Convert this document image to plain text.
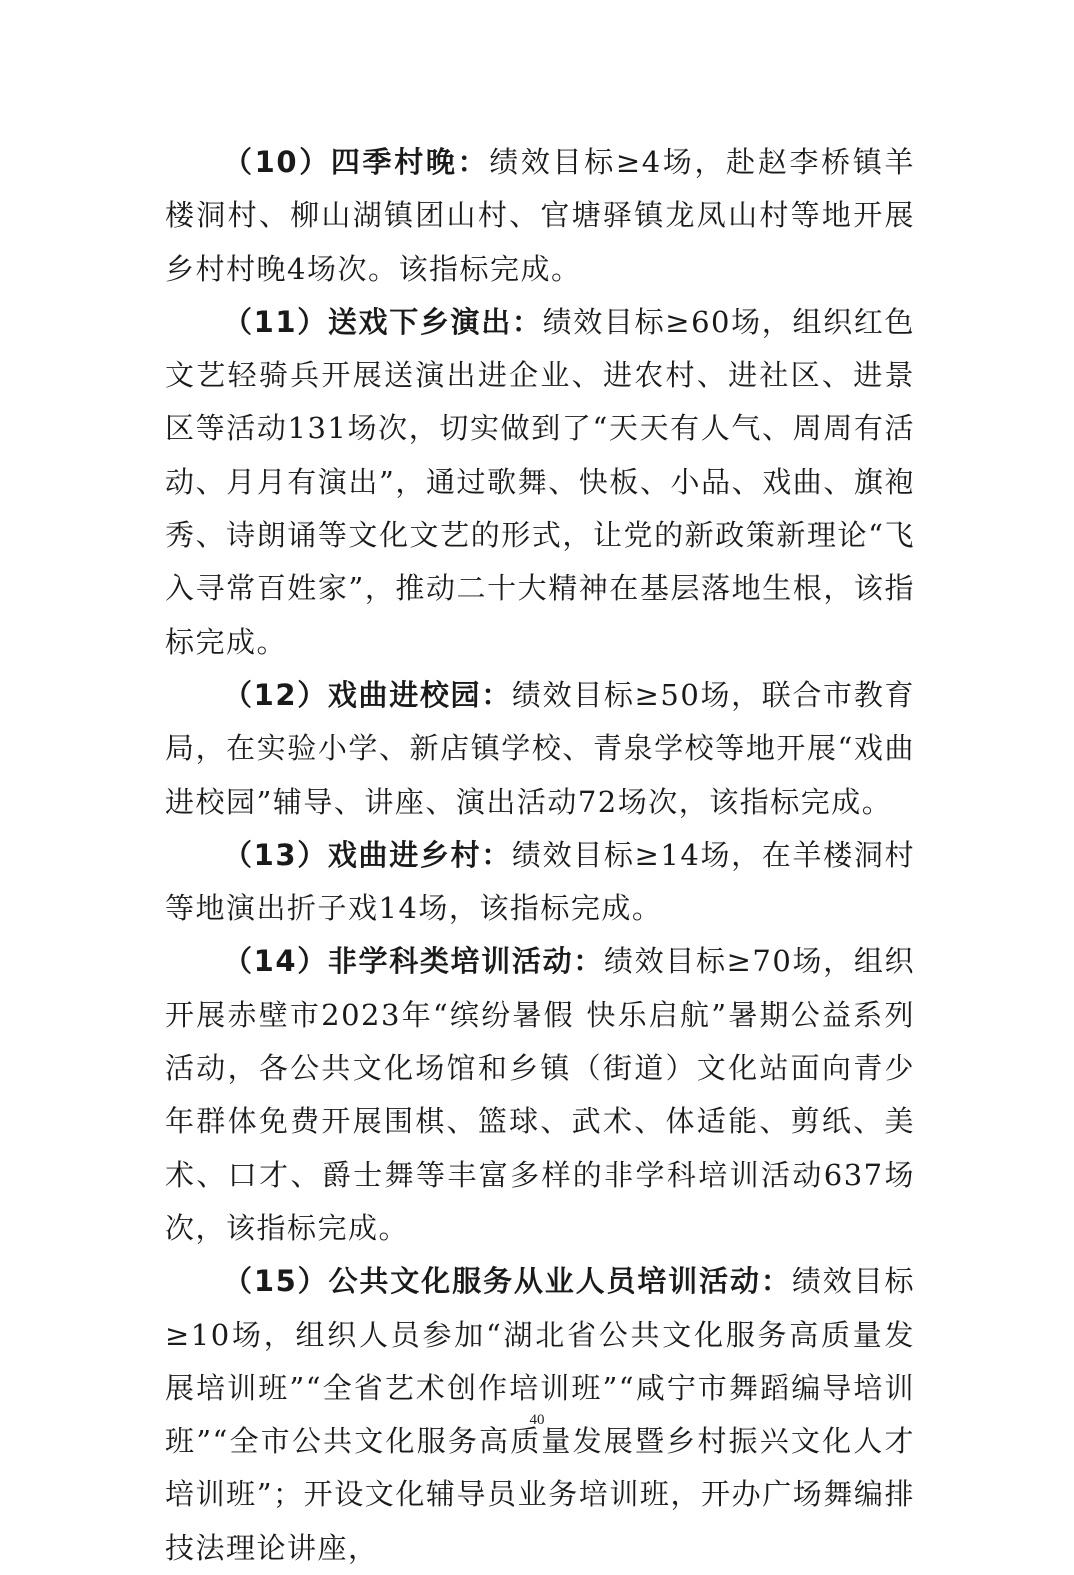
（10）四季村晚：绩效目标≥4场，赴赵李桥镇羊楼洞村、柳山湖镇团山村、官塘驿镇龙凤山村等地开展乡村村晚4场次。该指标完成。

（11）送戏下乡演出：绩效目标≥60场，组织红色文艺轻骑兵开展送演出进企业、进农村、进社区、进景区等活动131场次，切实做到了“天天有人气、周周有活动、月月有演出”，通过歌舞、快板、小品、戏曲、旗袍秀、诗朗诵等文化文艺的形式，让党的新政策新理论“飞入寻常百姓家”，推动二十大精神在基层落地生根，该指标完成。

（12）戏曲进校园：绩效目标≥50场，联合市教育局，在实验小学、新店镇学校、青泉学校等地开展“戏曲进校园”辅导、讲座、演出活动72场次，该指标完成。

（13）戏曲进乡村：绩效目标≥14场，在羊楼洞村等地演出折子戏14场，该指标完成。

（14）非学科类培训活动：绩效目标≥70场，组织开展赤壁市2023年“缤纷暑假 快乐启航”暑期公益系列活动，各公共文化场馆和乡镇（街道）文化站面向青少年群体免费开展围棋、篮球、武术、体适能、剪纸、美术、口才、爵士舞等丰富多样的非学科培训活动637场次，该指标完成。

（15）公共文化服务从业人员培训活动：绩效目标≥10场，组织人员参加“湖北省公共文化服务高质量发展培训班”“全省艺术创作培训班”“咸宁市舞蹈编导培训班”“全市公共文化服务高质量发展暨乡村振兴文化人才培训班”；开设文化辅导员业务培训班，开办广场舞编排技法理论讲座，

40
